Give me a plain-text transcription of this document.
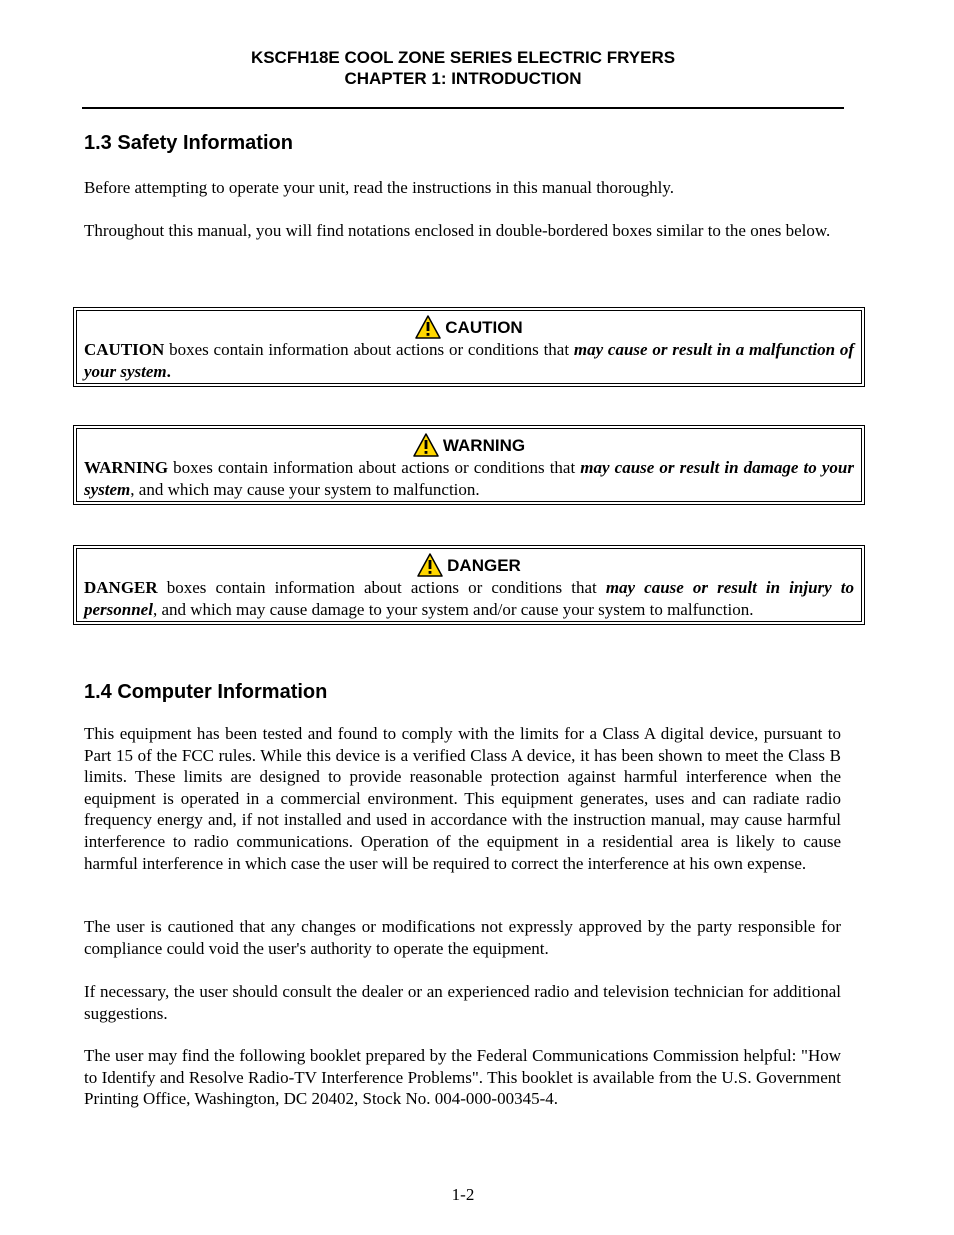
KSCFH18E COOL ZONE SERIES ELECTRIC FRYERS
CHAPTER 1: INTRODUCTION
1.3 Safety Information
Before attempting to operate your unit, read the instructions in this manual thoroughly.
Throughout this manual, you will find notations enclosed in double-bordered boxes similar to the ones below.
CAUTION
CAUTION boxes contain information about actions or conditions that may cause or result in a malfunction of your system.
WARNING
WARNING boxes contain information about actions or conditions that may cause or result in damage to your system, and which may cause your system to malfunction.
DANGER
DANGER boxes contain information about actions or conditions that may cause or result in injury to personnel, and which may cause damage to your system and/or cause your system to malfunction.
1.4 Computer Information
This equipment has been tested and found to comply with the limits for a Class A digital device, pursuant to Part 15 of the FCC rules. While this device is a verified Class A device, it has been shown to meet the Class B limits. These limits are designed to provide reasonable protection against harmful interference when the equipment is operated in a commercial environment. This equipment generates, uses and can radiate radio frequency energy and, if not installed and used in accordance with the instruction manual, may cause harmful interference to radio communications. Operation of the equipment in a residential area is likely to cause harmful interference in which case the user will be required to correct the interference at his own expense.
The user is cautioned that any changes or modifications not expressly approved by the party responsible for compliance could void the user's authority to operate the equipment.
If necessary, the user should consult the dealer or an experienced radio and television technician for additional suggestions.
The user may find the following booklet prepared by the Federal Communications Commission helpful: "How to Identify and Resolve Radio-TV Interference Problems". This booklet is available from the U.S. Government Printing Office, Washington, DC 20402, Stock No. 004-000-00345-4.
1-2
